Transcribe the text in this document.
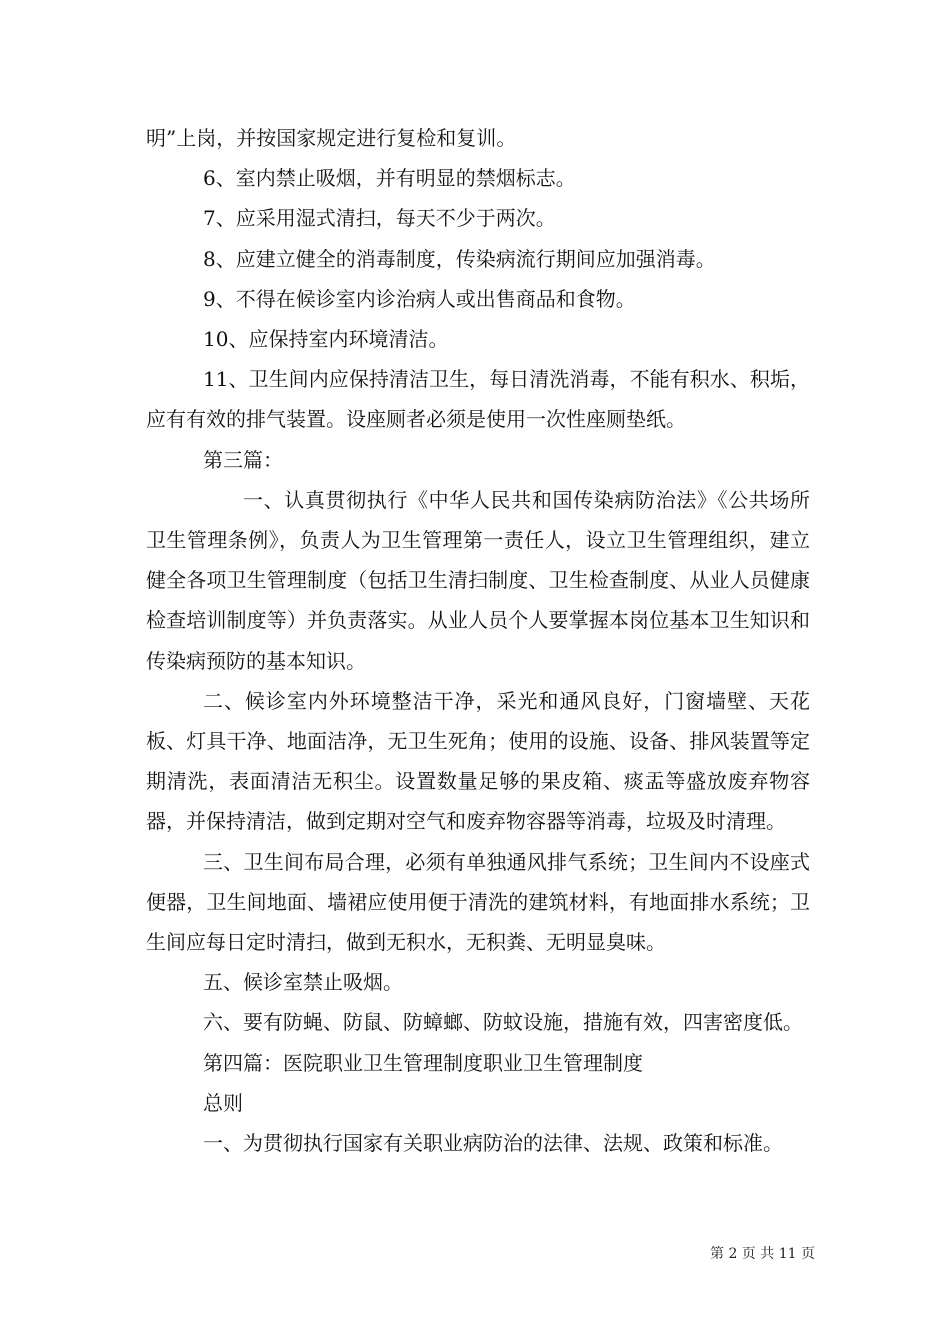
明”上岗，并按国家规定进行复检和复训。

6、室内禁止吸烟，并有明显的禁烟标志。

7、应采用湿式清扫，每天不少于两次。

8、应建立健全的消毒制度，传染病流行期间应加强消毒。

9、不得在候诊室内诊治病人或出售商品和食物。

10、应保持室内环境清洁。

11、卫生间内应保持清洁卫生，每日清洗消毒，不能有积水、积垢，应有有效的排气装置。设座厕者必须是使用一次性座厕垫纸。

第三篇：

一、认真贯彻执行《中华人民共和国传染病防治法》《公共场所卫生管理条例》，负责人为卫生管理第一责任人，设立卫生管理组织，建立健全各项卫生管理制度（包括卫生清扫制度、卫生检查制度、从业人员健康检查培训制度等）并负责落实。从业人员个人要掌握本岗位基本卫生知识和传染病预防的基本知识。

二、候诊室内外环境整洁干净，采光和通风良好，门窗墙壁、天花板、灯具干净、地面洁净，无卫生死角；使用的设施、设备、排风装置等定期清洗，表面清洁无积尘。设置数量足够的果皮箱、痰盂等盛放废弃物容器，并保持清洁，做到定期对空气和废弃物容器等消毒，垃圾及时清理。

三、卫生间布局合理，必须有单独通风排气系统；卫生间内不设座式便器，卫生间地面、墙裙应使用便于清洗的建筑材料，有地面排水系统；卫生间应每日定时清扫，做到无积水，无积粪、无明显臭味。

五、候诊室禁止吸烟。

六、要有防蝇、防鼠、防蟑螂、防蚊设施，措施有效，四害密度低。

第四篇：医院职业卫生管理制度职业卫生管理制度

总则

一、为贯彻执行国家有关职业病防治的法律、法规、政策和标准。

第 2 页 共 11 页
